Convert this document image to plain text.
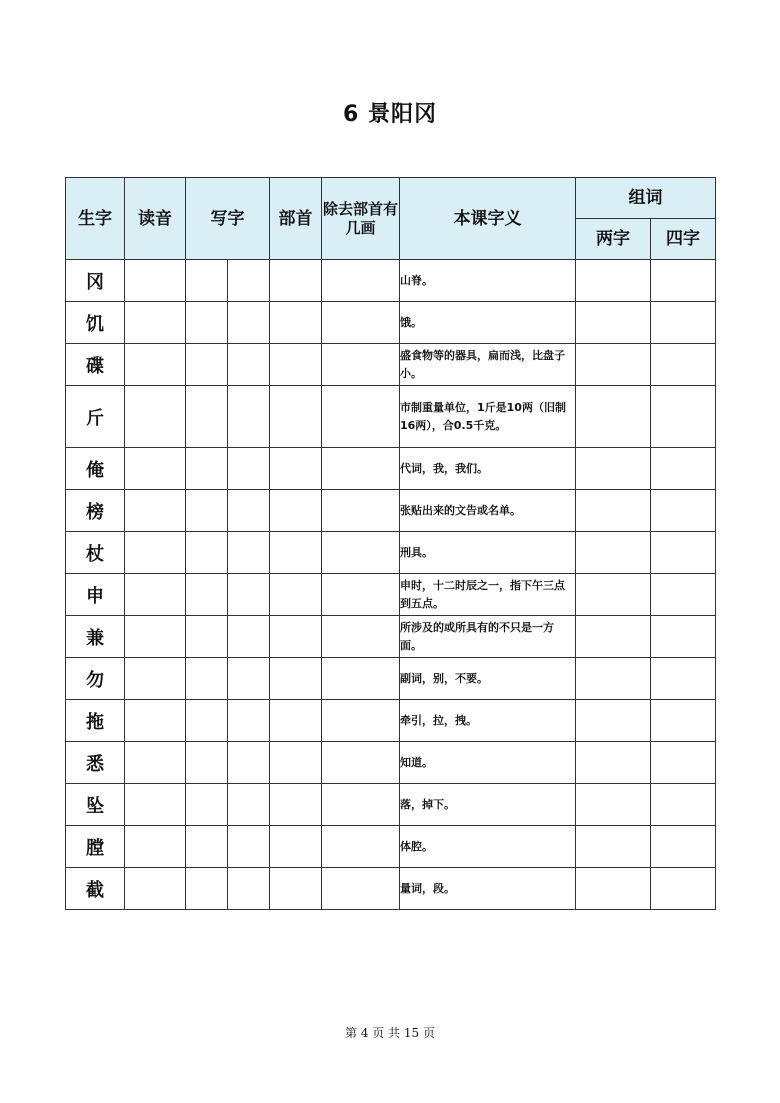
6 景阳冈
生字	读音	写字		部首	除去部首有几画	本课字义	组词	
							两字	四字
冈						山脊。		
饥						饿。		
碟						盛食物等的器具，扁而浅，比盘子小。		
斤						市制重量单位，1斤是10两（旧制16两），合0.5千克。		
俺						代词，我，我们。		
榜						张贴出来的文告或名单。		
杖						刑具。		
申						申时，十二时辰之一，指下午三点到五点。		
兼						所涉及的或所具有的不只是一方面。		
勿						副词，别，不要。		
拖						牵引，拉，拽。		
悉						知道。		
坠						落，掉下。		
膛						体腔。		
截						量词，段。		
第 4 页 共 15 页
